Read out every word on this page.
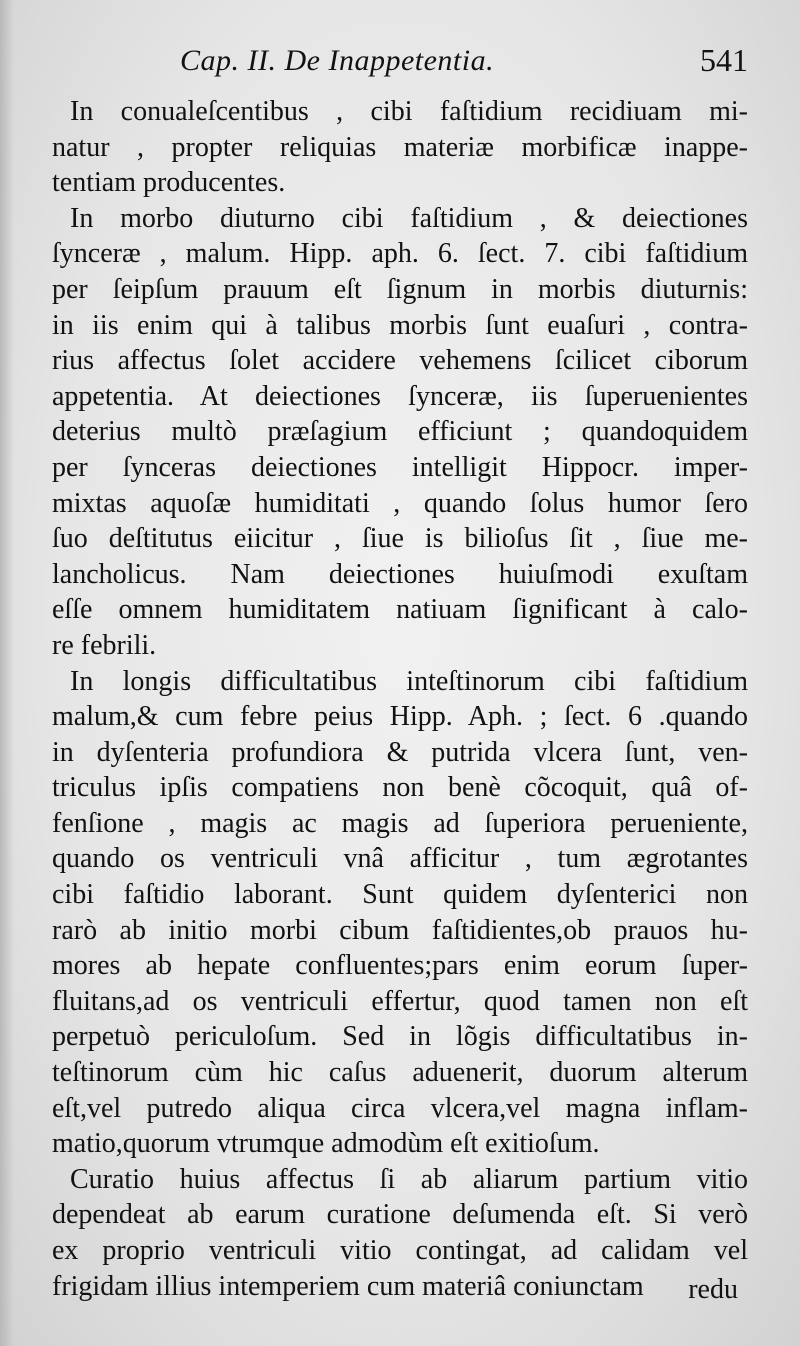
Cap. II. De Inappetentia.	541
In conualeſcentibus , cibi faſtidium recidiuam mi-
natur , propter reliquias materiæ morbificæ inappe-
tentiam producentes.
In morbo diuturno cibi faſtidium , & deiectiones
ſynceræ , malum. Hipp. aph. 6. ſect. 7. cibi faſtidium
per ſeipſum prauum eſt ſignum in morbis diuturnis:
in iis enim qui à talibus morbis ſunt euaſuri , contra-
rius affectus ſolet accidere vehemens ſcilicet ciborum
appetentia. At deiectiones ſynceræ, iis ſuperuenientes
deterius multò præſagium efficiunt ; quandoquidem
per ſynceras deiectiones intelligit Hippocr. imper-
mixtas aquoſæ humiditati , quando ſolus humor ſero
ſuo deſtitutus eiicitur , ſiue is bilioſus ſit , ſiue me-
lancholicus. Nam deiectiones huiuſmodi exuſtam
eſſe omnem humiditatem natiuam ſignificant à calo-
re febrili.
In longis difficultatibus inteſtinorum cibi faſtidium
malum,& cum febre peius Hipp. Aph. ; ſect. 6 .quando
in dyſenteria profundiora & putrida vlcera ſunt, ven-
triculus ipſis compatiens non benè cõcoquit, quâ of-
fenſione , magis ac magis ad ſuperiora perueniente,
quando os ventriculi vnâ afficitur , tum ægrotantes
cibi faſtidio laborant. Sunt quidem dyſenterici non
rarò ab initio morbi cibum faſtidientes,ob prauos hu-
mores ab hepate confluentes;pars enim eorum ſuper-
fluitans,ad os ventriculi effertur, quod tamen non eſt
perpetuò periculoſum. Sed in lõgis difficultatibus in-
teſtinorum cùm hic caſus aduenerit, duorum alterum
eſt,vel putredo aliqua circa vlcera,vel magna inflam-
matio,quorum vtrumque admodùm eſt exitioſum.
Curatio huius affectus ſi ab aliarum partium vitio
dependeat ab earum curatione deſumenda eſt. Si verò
ex proprio ventriculi vitio contingat, ad calidam vel
frigidam illius intemperiem cum materiâ coniunctam	redu
